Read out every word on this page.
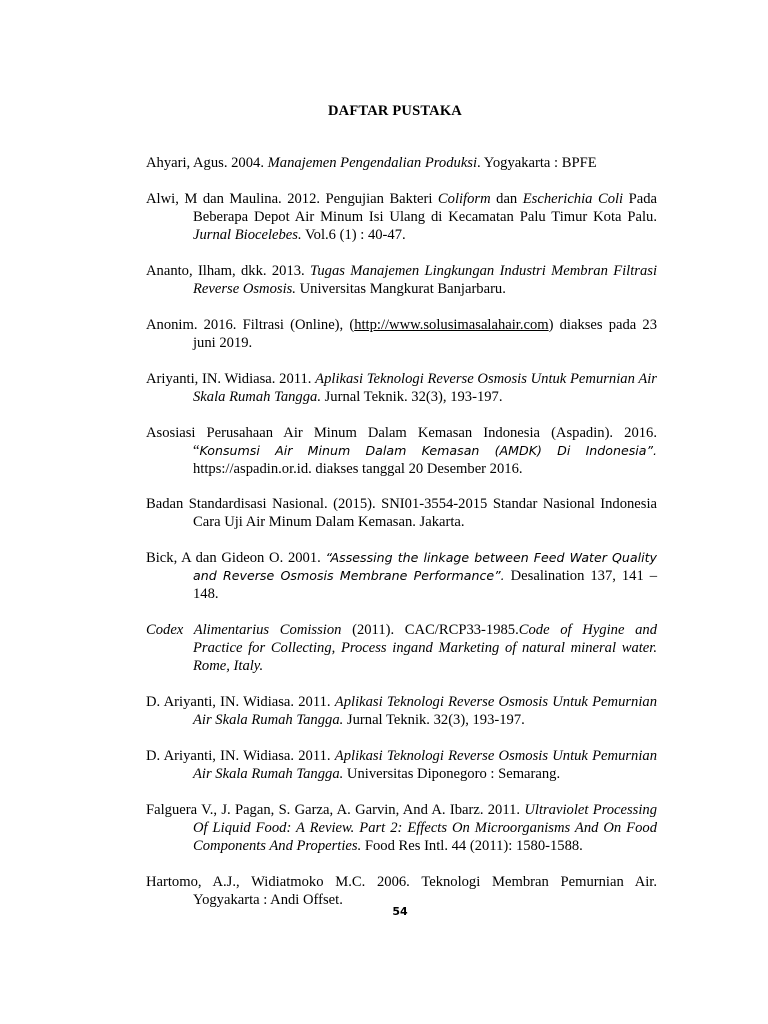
DAFTAR PUSTAKA

Ahyari, Agus. 2004. Manajemen Pengendalian Produksi. Yogyakarta : BPFE

Alwi, M dan Maulina. 2012. Pengujian Bakteri Coliform dan Escherichia Coli Pada Beberapa Depot Air Minum Isi Ulang di Kecamatan Palu Timur Kota Palu. Jurnal Biocelebes. Vol.6 (1) : 40-47.

Ananto, Ilham, dkk. 2013. Tugas Manajemen Lingkungan Industri Membran Filtrasi Reverse Osmosis. Universitas Mangkurat Banjarbaru.

Anonim. 2016. Filtrasi (Online), (http://www.solusimasalahair.com) diakses pada 23 juni 2019.

Ariyanti, IN. Widiasa. 2011. Aplikasi Teknologi Reverse Osmosis Untuk Pemurnian Air Skala Rumah Tangga. Jurnal Teknik. 32(3), 193-197.

Asosiasi Perusahaan Air Minum Dalam Kemasan Indonesia (Aspadin). 2016. “Konsumsi Air Minum Dalam Kemasan (AMDK) Di Indonesia”. https://aspadin.or.id. diakses tanggal 20 Desember 2016.

Badan Standardisasi Nasional. (2015). SNI01-3554-2015 Standar Nasional Indonesia Cara Uji Air Minum Dalam Kemasan. Jakarta.

Bick, A dan Gideon O. 2001. “Assessing the linkage between Feed Water Quality and Reverse Osmosis Membrane Performance”. Desalination 137, 141 – 148.

Codex Alimentarius Comission (2011). CAC/RCP33-1985.Code of Hygine and Practice for Collecting, Process ingand Marketing of natural mineral water. Rome, Italy.

D. Ariyanti, IN. Widiasa. 2011. Aplikasi Teknologi Reverse Osmosis Untuk Pemurnian Air Skala Rumah Tangga. Jurnal Teknik. 32(3), 193-197.

D. Ariyanti, IN. Widiasa. 2011. Aplikasi Teknologi Reverse Osmosis Untuk Pemurnian Air Skala Rumah Tangga. Universitas Diponegoro : Semarang.

Falguera V., J. Pagan, S. Garza, A. Garvin, And A. Ibarz. 2011. Ultraviolet Processing Of Liquid Food: A Review. Part 2: Effects On Microorganisms And On Food Components And Properties. Food Res Intl. 44 (2011): 1580-1588.

Hartomo, A.J., Widiatmoko M.C. 2006. Teknologi Membran Pemurnian Air. Yogyakarta : Andi Offset.

54
